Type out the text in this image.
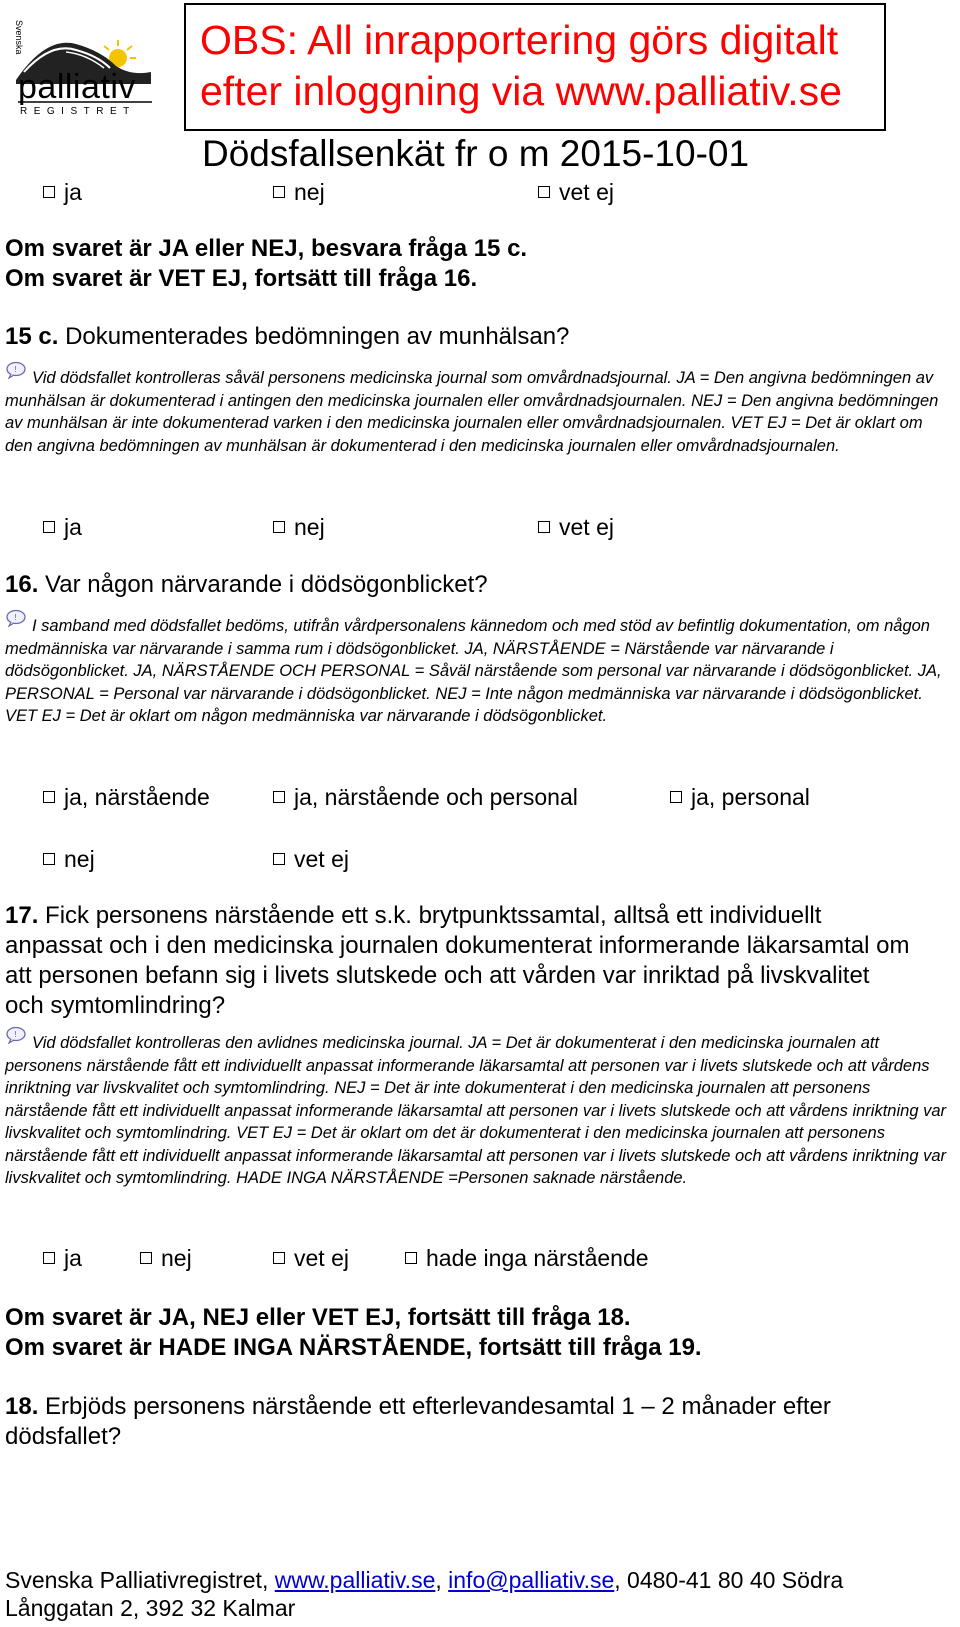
Svenska
palliativ
REGISTRET
OBS: All inrapportering görs digitalt
efter inloggning via www.palliativ.se
Dödsfallsenkät fr o m 2015-10-01
ja	nej	vet ej
Om svaret är JA eller NEJ, besvara fråga 15 c.
Om svaret är VET EJ, fortsätt till fråga 16.
15 c. Dokumenterades bedömningen av munhälsan?
! Vid dödsfallet kontrolleras såväl personens medicinska journal som omvårdnadsjournal. JA = Den angivna bedömningen av munhälsan är dokumenterad i antingen den medicinska journalen eller omvårdnadsjournalen. NEJ = Den angivna bedömningen av munhälsan är inte dokumenterad varken i den medicinska journalen eller omvårdnadsjournalen. VET EJ = Det är oklart om den angivna bedömningen av munhälsan är dokumenterad i den medicinska journalen eller omvårdnadsjournalen.
ja	nej	vet ej
16. Var någon närvarande i dödsögonblicket?
! I samband med dödsfallet bedöms, utifrån vårdpersonalens kännedom och med stöd av befintlig dokumentation, om någon medmänniska var närvarande i samma rum i dödsögonblicket. JA, NÄRSTÅENDE = Närstående var närvarande i dödsögonblicket. JA, NÄRSTÅENDE OCH PERSONAL = Såväl närstående som personal var närvarande i dödsögonblicket. JA, PERSONAL = Personal var närvarande i dödsögonblicket. NEJ = Inte någon medmänniska var närvarande i dödsögonblicket. VET EJ = Det är oklart om någon medmänniska var närvarande i dödsögonblicket.
ja, närstående	ja, närstående och personal	ja, personal
nej	vet ej
17. Fick personens närstående ett s.k. brytpunktssamtal, alltså ett individuellt anpassat och i den medicinska journalen dokumenterat informerande läkarsamtal om att personen befann sig i livets slutskede och att vården var inriktad på livskvalitet och symtomlindring?
! Vid dödsfallet kontrolleras den avlidnes medicinska journal. JA = Det är dokumenterat i den medicinska journalen att personens närstående fått ett individuellt anpassat informerande läkarsamtal att personen var i livets slutskede och att vårdens inriktning var livskvalitet och symtomlindring. NEJ = Det är inte dokumenterat i den medicinska journalen att personens närstående fått ett individuellt anpassat informerande läkarsamtal att personen var i livets slutskede och att vårdens inriktning var livskvalitet och symtomlindring. VET EJ = Det är oklart om det är dokumenterat i den medicinska journalen att personens närstående fått ett individuellt anpassat informerande läkarsamtal att personen var i livets slutskede och att vårdens inriktning var livskvalitet och symtomlindring. HADE INGA NÄRSTÅENDE =Personen saknade närstående.
ja	nej	vet ej	hade inga närstående
Om svaret är JA, NEJ eller VET EJ, fortsätt till fråga 18.
Om svaret är HADE INGA NÄRSTÅENDE, fortsätt till fråga 19.
18. Erbjöds personens närstående ett efterlevandesamtal 1 – 2 månader efter dödsfallet?
Svenska Palliativregistret, www.palliativ.se, info@palliativ.se, 0480-41 80 40 Södra Långgatan 2, 392 32 Kalmar
